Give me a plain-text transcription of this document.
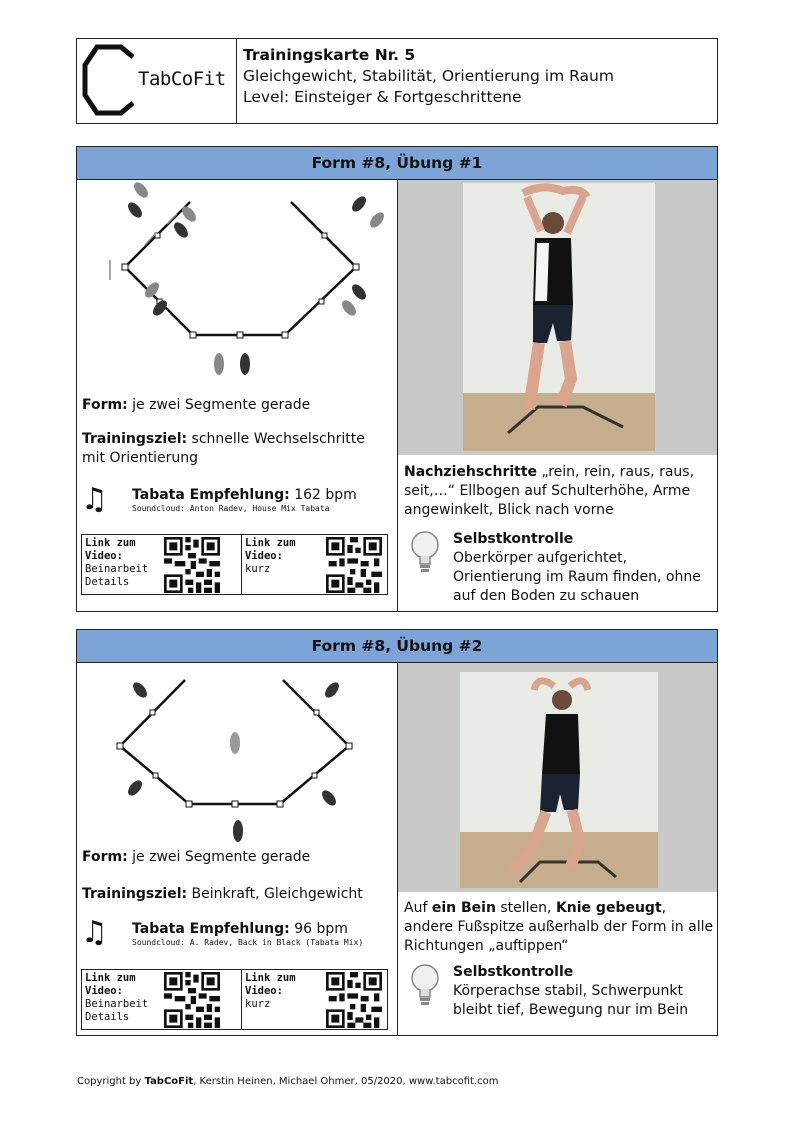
TabCoFit
Trainingskarte Nr. 5
Gleichgewicht, Stabilität, Orientierung im Raum
Level: Einsteiger & Fortgeschrittene
Form #8, Übung #1
Form: je zwei Segmente gerade
Trainingsziel: schnelle Wechselschritte mit Orientierung
♫ Tabata Empfehlung: 162 bpm
Soundcloud: Anton Radev, House Mix Tabata
Link zum Video:
Beinarbeit Details
Link zum Video:
kurz
Nachziehschritte „rein, rein, raus, raus, seit,…“ Ellbogen auf Schulterhöhe, Arme angewinkelt, Blick nach vorne
Selbstkontrolle
Oberkörper aufgerichtet, Orientierung im Raum finden, ohne auf den Boden zu schauen
Form #8, Übung #2
Form: je zwei Segmente gerade
Trainingsziel: Beinkraft, Gleichgewicht
♫ Tabata Empfehlung: 96 bpm
Soundcloud: A. Radev, Back in Black (Tabata Mix)
Link zum Video:
Beinarbeit Details
Link zum Video:
kurz
Auf ein Bein stellen, Knie gebeugt, andere Fußspitze außerhalb der Form in alle Richtungen „auftippen“
Selbstkontrolle
Körperachse stabil, Schwerpunkt bleibt tief, Bewegung nur im Bein
Copyright by TabCoFit, Kerstin Heinen, Michael Ohmer, 05/2020, www.tabcofit.com
